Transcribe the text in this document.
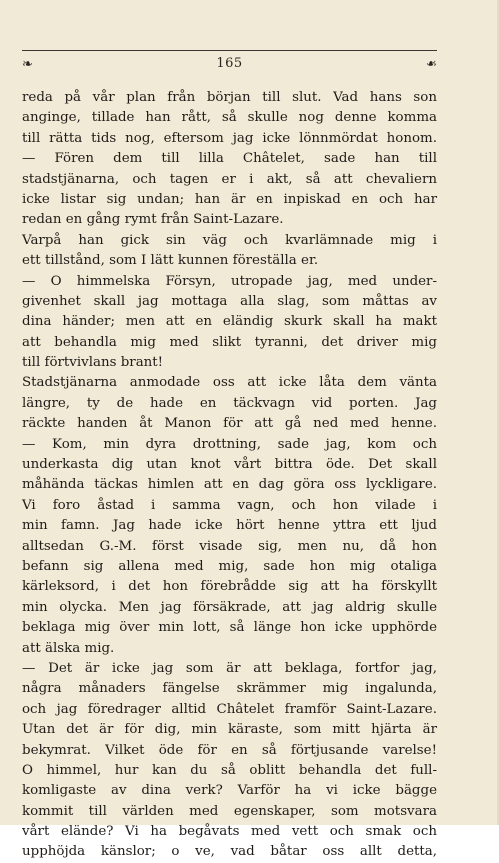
❧	165	❧
reda på vår plan från början till slut. Vad hans son
anginge, tillade han rått, så skulle nog denne komma
till rätta tids nog, eftersom jag icke lönnmördat honom.
— Fören dem till lilla Châtelet, sade han till
stadstjänarna, och tagen er i akt, så att chevaliern
icke listar sig undan; han är en inpiskad en och har
redan en gång rymt från Saint-Lazare.
Varpå han gick sin väg och kvarlämnade mig i
ett tillstånd, som I lätt kunnen föreställa er.
— O himmelska Försyn, utropade jag, med under-
givenhet skall jag mottaga alla slag, som måttas av
dina händer; men att en eländig skurk skall ha makt
att behandla mig med slikt tyranni, det driver mig
till förtvivlans brant!
Stadstjänarna anmodade oss att icke låta dem vänta
längre, ty de hade en täckvagn vid porten. Jag
räckte handen åt Manon för att gå ned med henne.
— Kom, min dyra drottning, sade jag, kom och
underkasta dig utan knot vårt bittra öde. Det skall
måhända täckas himlen att en dag göra oss lyckligare.
Vi foro åstad i samma vagn, och hon vilade i
min famn. Jag hade icke hört henne yttra ett ljud
alltsedan G.-M. först visade sig, men nu, då hon
befann sig allena med mig, sade hon mig otaliga
kärleksord, i det hon förebrådde sig att ha förskyllt
min olycka. Men jag försäkrade, att jag aldrig skulle
beklaga mig över min lott, så länge hon icke upphörde
att älska mig.
— Det är icke jag som är att beklaga, fortfor jag,
några månaders fängelse skrämmer mig ingalunda,
och jag föredrager alltid Châtelet framför Saint-Lazare.
Utan det är för dig, min käraste, som mitt hjärta är
bekymrat. Vilket öde för en så förtjusande varelse!
O himmel, hur kan du så oblitt behandla det full-
komligaste av dina verk? Varför ha vi icke bägge
kommit till världen med egenskaper, som motsvara
vårt elände? Vi ha begåvats med vett och smak och
upphöjda känslor; o ve, vad båtar oss allt detta,
